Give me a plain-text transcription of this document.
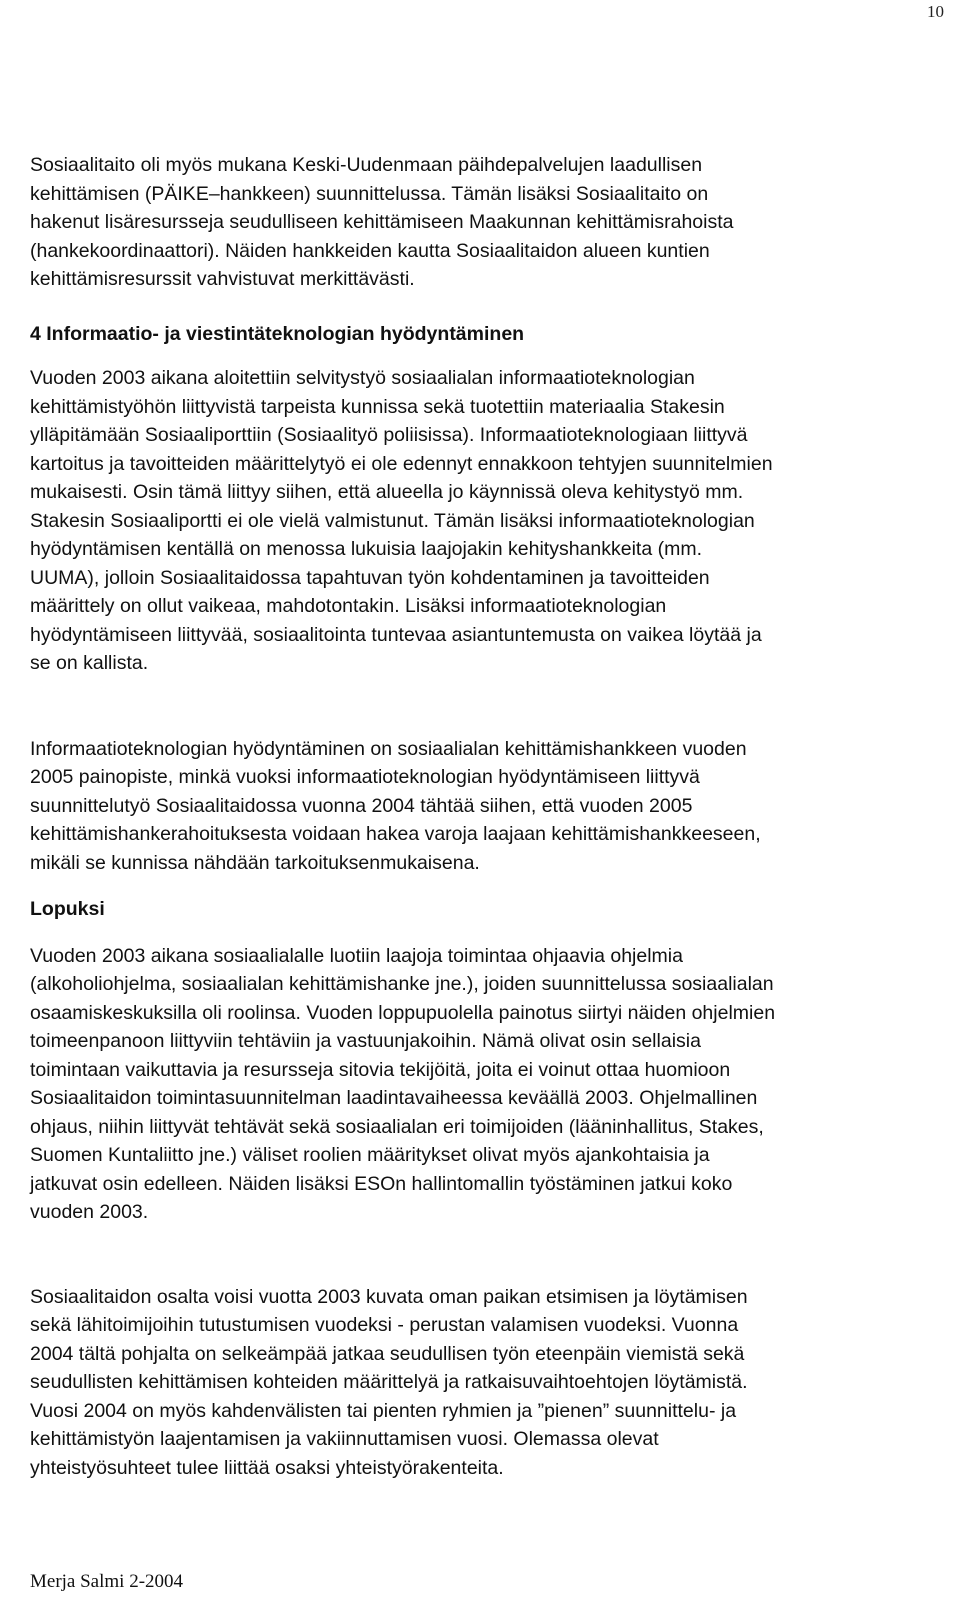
10

Sosiaalitaito oli myös mukana Keski-Uudenmaan päihdepalvelujen laadullisen
kehittämisen (PÄIKE–hankkeen) suunnittelussa. Tämän lisäksi Sosiaalitaito on
hakenut lisäresursseja seudulliseen kehittämiseen Maakunnan kehittämisrahoista
(hankekoordinaattori). Näiden hankkeiden kautta Sosiaalitaidon alueen kuntien
kehittämisresurssit vahvistuvat merkittävästi.

4 Informaatio- ja viestintäteknologian hyödyntäminen

Vuoden 2003 aikana aloitettiin selvitystyö sosiaalialan informaatioteknologian
kehittämistyöhön liittyvistä tarpeista kunnissa sekä tuotettiin materiaalia Stakesin
ylläpitämään Sosiaaliporttiin (Sosiaalityö poliisissa). Informaatioteknologiaan liittyvä
kartoitus ja tavoitteiden määrittelytyö ei ole edennyt ennakkoon tehtyjen suunnitelmien
mukaisesti. Osin tämä liittyy siihen, että alueella jo käynnissä oleva kehitystyö mm.
Stakesin Sosiaaliportti ei ole vielä valmistunut. Tämän lisäksi informaatioteknologian
hyödyntämisen kentällä on menossa lukuisia laajojakin kehityshankkeita (mm.
UUMA), jolloin Sosiaalitaidossa tapahtuvan työn kohdentaminen ja tavoitteiden
määrittely on ollut vaikeaa, mahdotontakin. Lisäksi informaatioteknologian
hyödyntämiseen liittyvää, sosiaalitointa tuntevaa asiantuntemusta on vaikea löytää ja
se on kallista.

Informaatioteknologian hyödyntäminen on sosiaalialan kehittämishankkeen vuoden
2005 painopiste, minkä vuoksi informaatioteknologian hyödyntämiseen liittyvä
suunnittelutyö Sosiaalitaidossa vuonna 2004 tähtää siihen, että vuoden 2005
kehittämishankerahoituksesta voidaan hakea varoja laajaan kehittämishankkeeseen,
mikäli se kunnissa nähdään tarkoituksenmukaisena.

Lopuksi

Vuoden 2003 aikana sosiaalialalle luotiin laajoja toimintaa ohjaavia ohjelmia
(alkoholiohjelma, sosiaalialan kehittämishanke jne.), joiden suunnittelussa sosiaalialan
osaamiskeskuksilla oli roolinsa. Vuoden loppupuolella painotus siirtyi näiden ohjelmien
toimeenpanoon liittyviin tehtäviin ja vastuunjakoihin. Nämä olivat osin sellaisia
toimintaan vaikuttavia ja resursseja sitovia tekijöitä, joita ei voinut ottaa huomioon
Sosiaalitaidon toimintasuunnitelman laadintavaiheessa keväällä 2003. Ohjelmallinen
ohjaus, niihin liittyvät tehtävät sekä sosiaalialan eri toimijoiden (lääninhallitus, Stakes,
Suomen Kuntaliitto jne.) väliset roolien määritykset olivat myös ajankohtaisia ja
jatkuvat osin edelleen. Näiden lisäksi ESOn hallintomallin työstäminen jatkui koko
vuoden 2003.

Sosiaalitaidon osalta voisi vuotta 2003 kuvata oman paikan etsimisen ja löytämisen
sekä lähitoimijoihin tutustumisen vuodeksi - perustan valamisen vuodeksi. Vuonna
2004 tältä pohjalta on selkeämpää jatkaa seudullisen työn eteenpäin viemistä sekä
seudullisten kehittämisen kohteiden määrittelyä ja ratkaisuvaihtoehtojen löytämistä.
Vuosi 2004 on myös kahdenvälisten tai pienten ryhmien ja ”pienen” suunnittelu- ja
kehittämistyön laajentamisen ja vakiinnuttamisen vuosi. Olemassa olevat
yhteistyösuhteet tulee liittää osaksi yhteistyörakenteita.

Merja Salmi 2-2004
